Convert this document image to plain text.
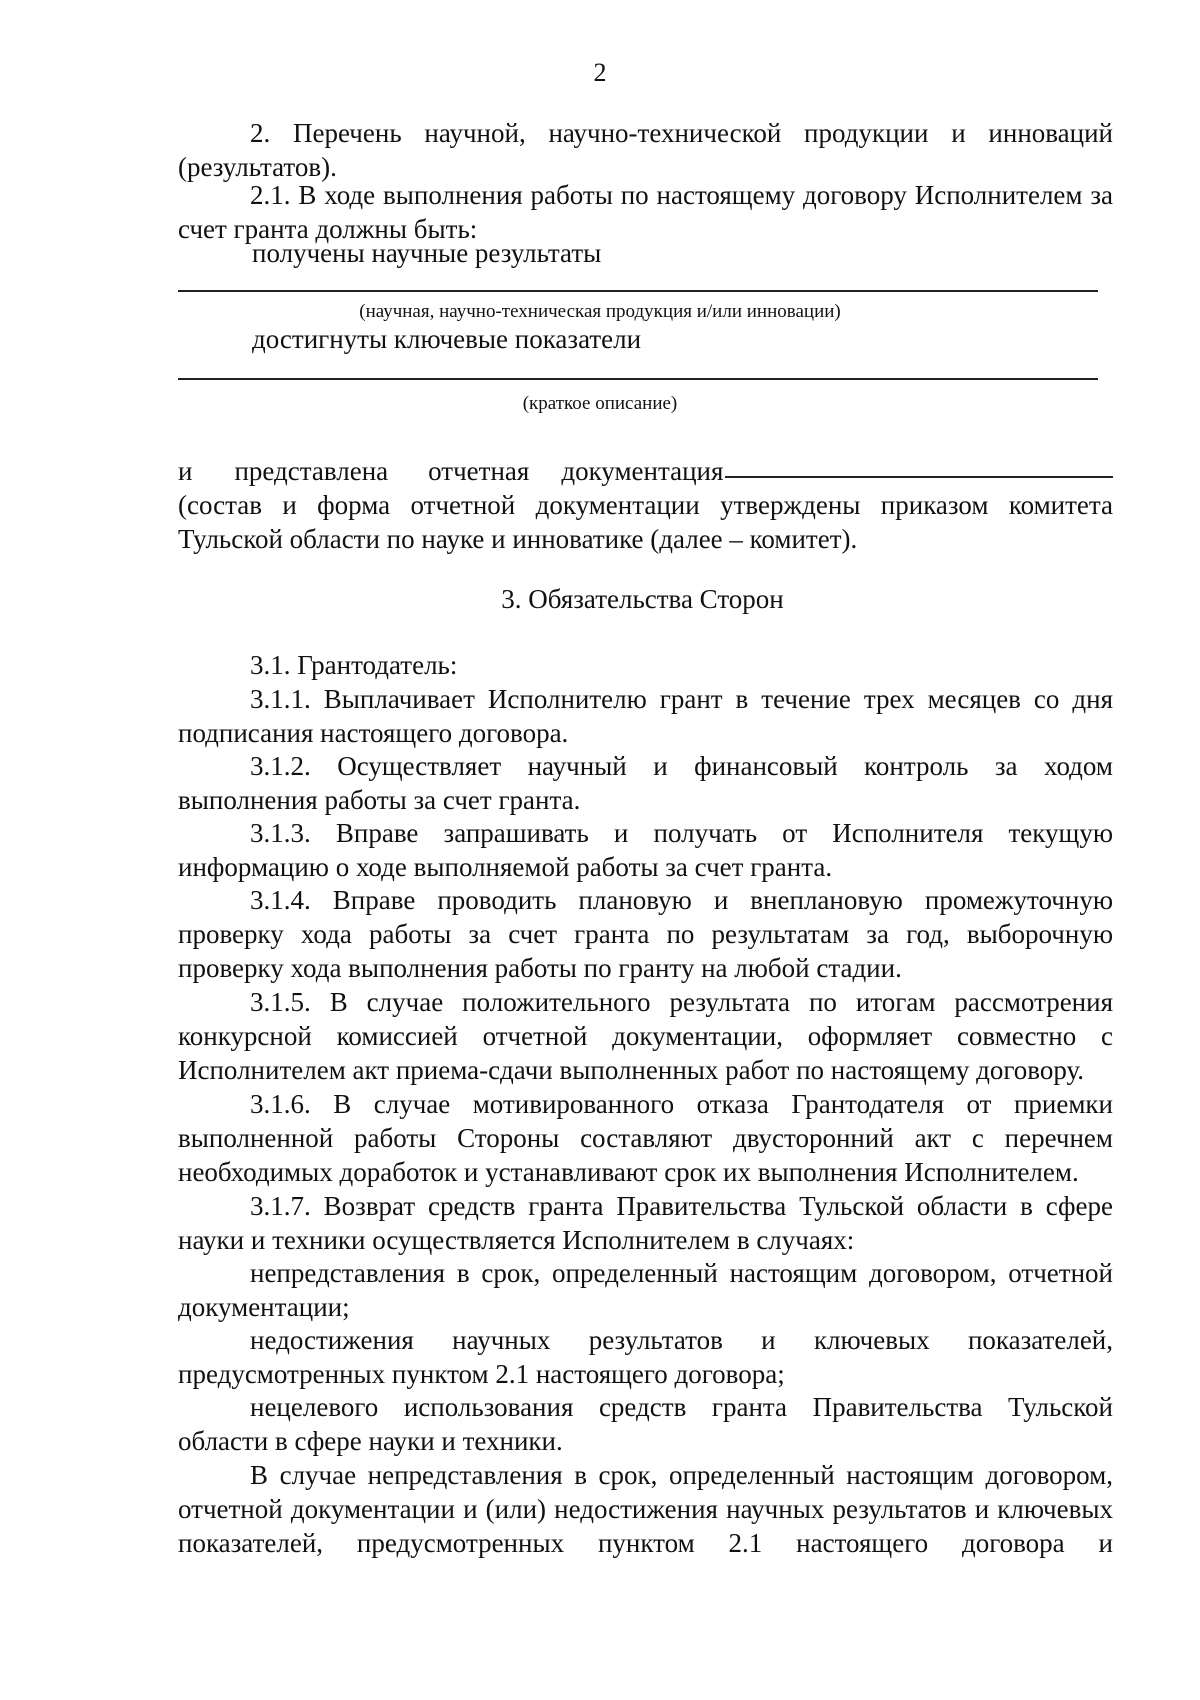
2
2. Перечень научной, научно-технической продукции и инноваций (результатов).
2.1. В ходе выполнения работы по настоящему договору Исполнителем за счет гранта должны быть:
получены научные результаты
(научная, научно-техническая продукция и/или инновации)
достигнуты ключевые показатели
(краткое описание)
и представлена отчетная документация
(состав и форма отчетной документации утверждены приказом комитета Тульской области по науке и инноватике (далее – комитет).
3. Обязательства Сторон
3.1. Грантодатель:
3.1.1. Выплачивает Исполнителю грант в течение трех месяцев со дня подписания настоящего договора.
3.1.2. Осуществляет научный и финансовый контроль за ходом выполнения работы за счет гранта.
3.1.3. Вправе запрашивать и получать от Исполнителя текущую информацию о ходе выполняемой работы за счет гранта.
3.1.4. Вправе проводить плановую и внеплановую промежуточную проверку хода работы за счет гранта по результатам за год, выборочную проверку хода выполнения работы по гранту на любой стадии.
3.1.5. В случае положительного результата по итогам рассмотрения конкурсной комиссией отчетной документации, оформляет совместно с Исполнителем акт приема-сдачи выполненных работ по настоящему договору.
3.1.6. В случае мотивированного отказа Грантодателя от приемки выполненной работы Стороны составляют двусторонний акт с перечнем необходимых доработок и устанавливают срок их выполнения Исполнителем.
3.1.7. Возврат средств гранта Правительства Тульской области в сфере науки и техники осуществляется Исполнителем в случаях:
непредставления в срок, определенный настоящим договором, отчетной документации;
недостижения научных результатов и ключевых показателей, предусмотренных пунктом 2.1 настоящего договора;
нецелевого использования средств гранта Правительства Тульской области в сфере науки и техники.
В случае непредставления в срок, определенный настоящим договором, отчетной документации и (или) недостижения научных результатов и ключевых показателей, предусмотренных пунктом 2.1 настоящего договора и
